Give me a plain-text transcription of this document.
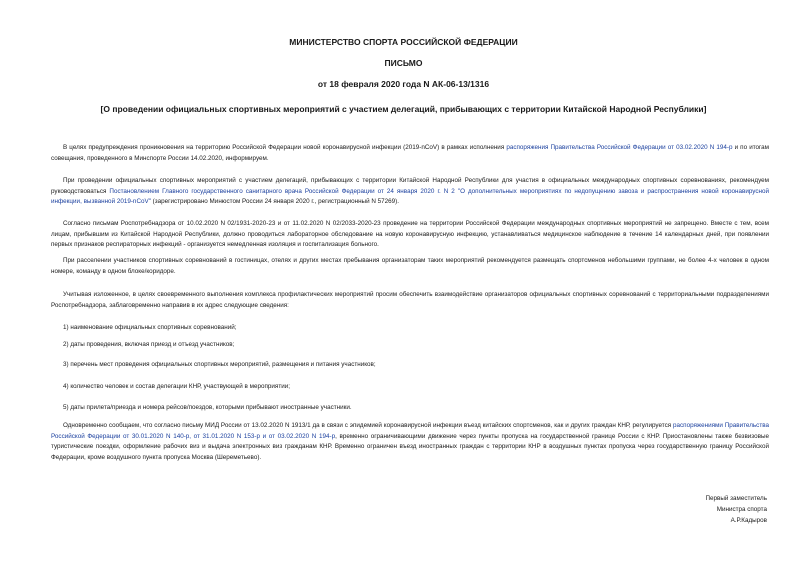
МИНИСТЕРСТВО СПОРТА РОССИЙСКОЙ ФЕДЕРАЦИИ
ПИСЬМО
от 18 февраля 2020 года N АК-06-13/1316
[О проведении официальных спортивных мероприятий с участием делегаций, прибывающих с территории Китайской Народной Республики]

В целях предупреждения проникновения на территорию Российской Федерации новой коронавирусной инфекции (2019-nCoV) в рамках исполнения распоряжения Правительства Российской Федерации от 03.02.2020 N 194-р и по итогам совещания, проведенного в Минспорте России 14.02.2020, информируем.

При проведении официальных спортивных мероприятий с участием делегаций, прибывающих с территории Китайской Народной Республики для участия в официальных международных спортивных соревнованиях, рекомендуем руководствоваться Постановлением Главного государственного санитарного врача Российской Федерации от 24 января 2020 г. N 2 "О дополнительных мероприятиях по недопущению завоза и распространения новой коронавирусной инфекции, вызванной 2019-nCoV" (зарегистрировано Минюстом России 24 января 2020 г., регистрационный N 57269).

Согласно письмам Роспотребнадзора от 10.02.2020 N 02/1931-2020-23 и от 11.02.2020 N 02/2033-2020-23 проведение на территории Российской Федерации международных спортивных мероприятий не запрещено. Вместе с тем, всем лицам, прибывшим из Китайской Народной Республики, должно проводиться лабораторное обследование на новую коронавирусную инфекцию, устанавливаться медицинское наблюдение в течение 14 календарных дней, при появлении первых признаков респираторных инфекций - организуется немедленная изоляция и госпитализация больного.

При расселении участников спортивных соревнований в гостиницах, отелях и других местах пребывания организаторам таких мероприятий рекомендуется размещать спортсменов небольшими группами, не более 4-х человек в одном номере, команду в одном блоке/коридоре.

Учитывая изложенное, в целях своевременного выполнения комплекса профилактических мероприятий просим обеспечить взаимодействие организаторов официальных спортивных соревнований с территориальными подразделениями Роспотребнадзора, заблаговременно направив в их адрес следующие сведения:

1) наименование официальных спортивных соревнований;

2) даты проведения, включая приезд и отъезд участников;

3) перечень мест проведения официальных спортивных мероприятий, размещения и питания участников;

4) количество человек и состав делегации КНР, участвующей в мероприятии;

5) даты прилета/приезда и номера рейсов/поездов, которыми прибывают иностранные участники.

Одновременно сообщаем, что согласно письму МИД России от 13.02.2020 N 1913/1 да в связи с эпидемией коронавирусной инфекции въезд китайских спортсменов, как и других граждан КНР, регулируется распоряжениями Правительства Российской Федерации от 30.01.2020 N 140-р, от 31.01.2020 N 153-р и от 03.02.2020 N 194-р, временно ограничивающими движение через пункты пропуска на государственной границе России с КНР. Приостановлены также безвизовые туристические поездки, оформление рабочих виз и выдача электронных виз гражданам КНР. Временно ограничен въезд иностранных граждан с территории КНР в воздушных пунктах пропуска через государственную границу Российской Федерации, кроме воздушного пункта пропуска Москва (Шереметьево).

Первый заместитель
Министра спорта
А.Р.Кадыров
